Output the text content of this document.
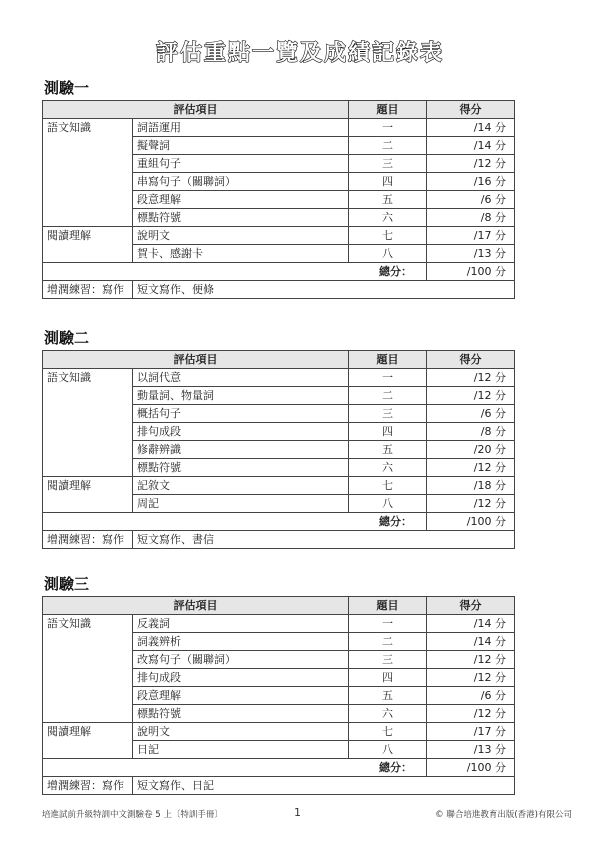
評估重點一覽及成績記錄表
測驗一
評估項目		題目	得分
語文知識	詞語運用	一	/14 分
	擬聲詞	二	/14 分
	重組句子	三	/12 分
	串寫句子（關聯詞）	四	/16 分
	段意理解	五	/6 分
	標點符號	六	/8 分
閱讀理解	說明文	七	/17 分
	賀卡、感謝卡	八	/13 分
總分：			/100 分
增潤練習：寫作	短文寫作、便條		
測驗二
評估項目		題目	得分
語文知識	以詞代意	一	/12 分
	動量詞、物量詞	二	/12 分
	概括句子	三	/6 分
	排句成段	四	/8 分
	修辭辨識	五	/20 分
	標點符號	六	/12 分
閱讀理解	記敘文	七	/18 分
	周記	八	/12 分
總分：			/100 分
增潤練習：寫作	短文寫作、書信		
測驗三
評估項目		題目	得分
語文知識	反義詞	一	/14 分
	詞義辨析	二	/14 分
	改寫句子（關聯詞）	三	/12 分
	排句成段	四	/12 分
	段意理解	五	/6 分
	標點符號	六	/12 分
閱讀理解	說明文	七	/17 分
	日記	八	/13 分
總分：			/100 分
增潤練習：寫作	短文寫作、日記		
培進試前升級特訓中文測驗卷 5 上〔特訓手冊〕	1	© 聯合培進教育出版(香港)有限公司
